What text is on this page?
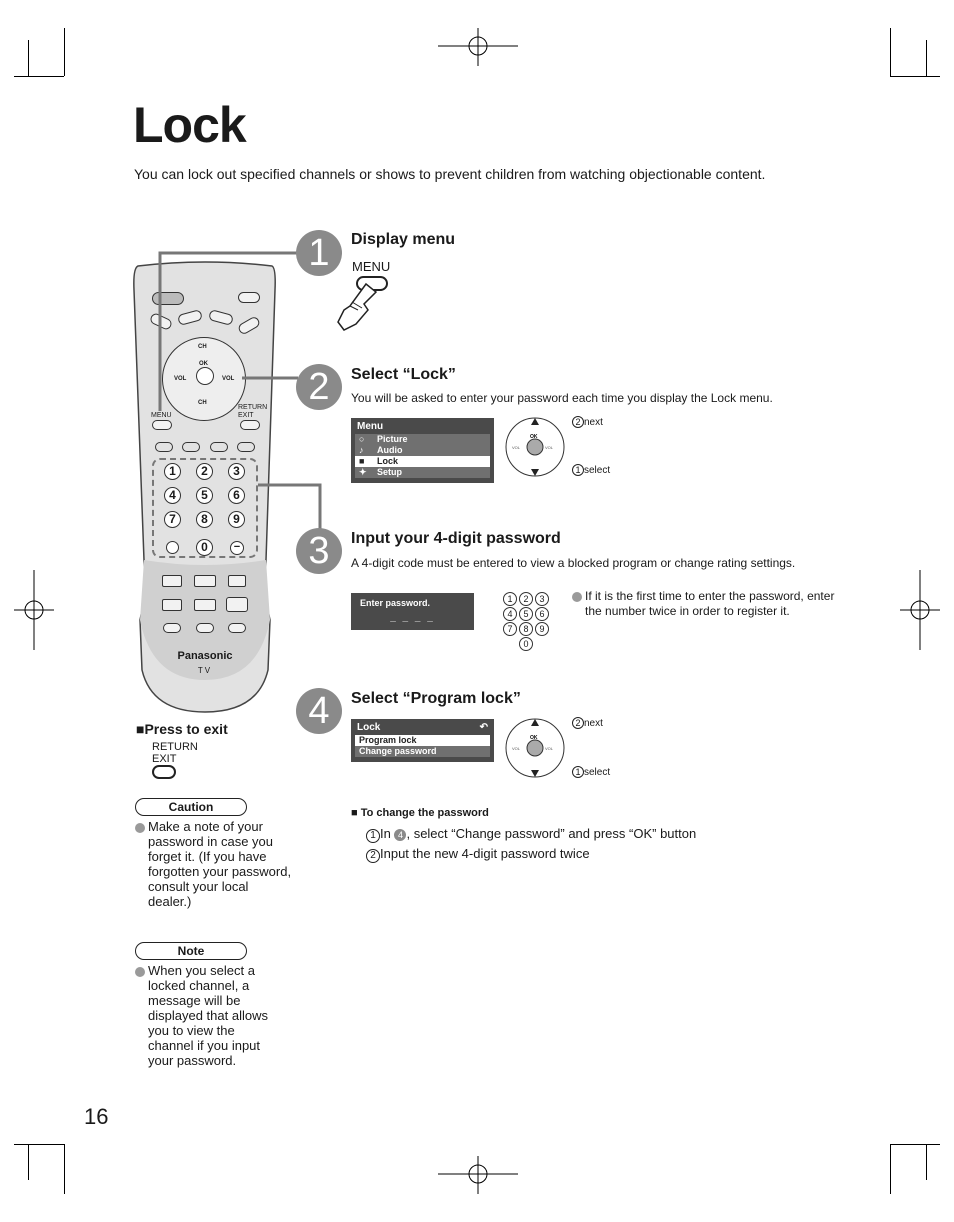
Lock
You can lock out specified channels or shows to prevent children from watching objectionable content.
OK
CH
CH
VOL	VOL
MENU
RETURN
EXIT
1	2	3
4	5	6
7	8	9
0	−
Panasonic
TV
1	Display menu
MENU
2	Select “Lock”
You will be asked to enter your password each time you display the Lock menu.
Menu
○ Picture
♪ Audio
■ Lock
✦ Setup
OK
VOL	VOL
2 next
1 select
3	Input your 4-digit password
A 4-digit code must be entered to view a blocked program or change rating settings.
Enter password.
_ _ _ _
1	2	3
4	5	6
7	8	9
0
If it is the first time to enter the password, enter the number twice in order to register it.
4	Select “Program lock”
Lock	↶
Program lock
Change password
OK
VOL	VOL
2 next
1 select
■Press to exit
RETURN
EXIT
Caution
Make a note of your password in case you forget it. (If you have forgotten your password, consult your local dealer.)
Note
When you select a locked channel, a message will be displayed that allows you to view the channel if you input your password.
■ To change the password
1 In 4 , select “Change password” and press “OK” button
2 Input the new 4-digit password twice
16
